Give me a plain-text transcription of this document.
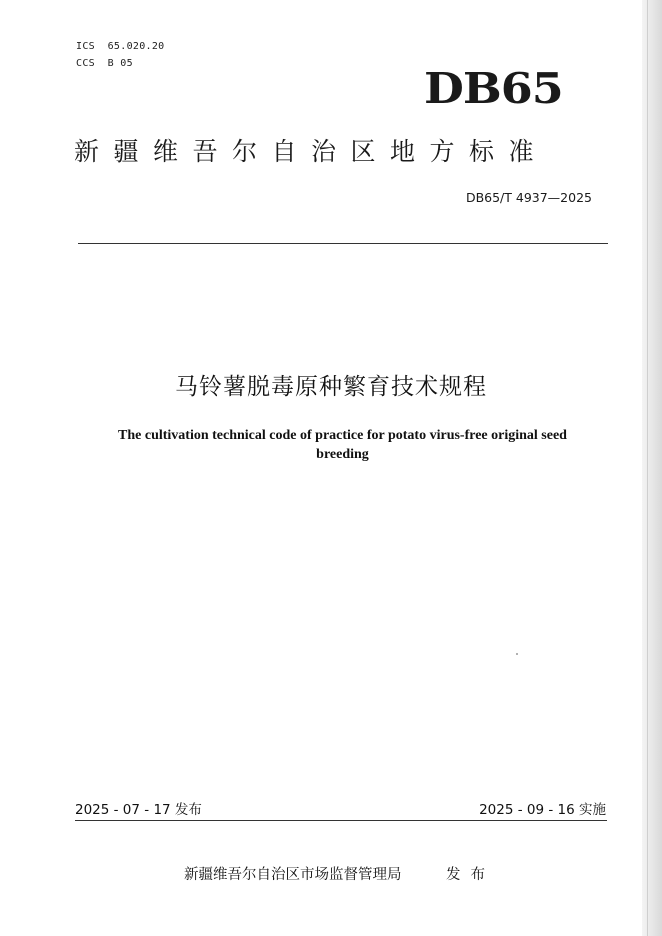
ICS  65.020.20
CCS  B 05	DB65
新疆维吾尔自治区地方标准
DB65/T 4937—2025
马铃薯脱毒原种繁育技术规程
The cultivation technical code of practice for potato virus-free original seed breeding
2025 - 07 - 17 发布	2025 - 09 - 16 实施
新疆维吾尔自治区市场监督管理局	发布
